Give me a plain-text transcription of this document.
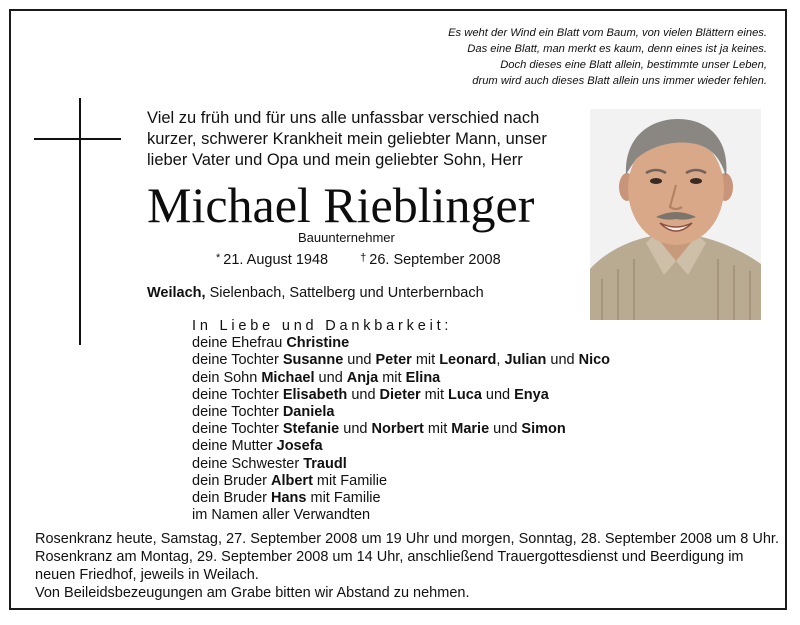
Es weht der Wind ein Blatt vom Baum, von vielen Blättern eines.
Das eine Blatt, man merkt es kaum, denn eines ist ja keines.
Doch dieses eine Blatt allein, bestimmte unser Leben,
drum wird auch dieses Blatt allein uns immer wieder fehlen.
Viel zu früh und für uns alle unfassbar verschied nach kurzer, schwerer Krankheit mein geliebter Mann, unser lieber Vater und Opa und mein geliebter Sohn, Herr
Michael Rieblinger
Bauunternehmer
* 21. August 1948	† 26. September 2008
Weilach, Sielenbach, Sattelberg und Unterbernbach
In Liebe und Dankbarkeit:
deine Ehefrau Christine
deine Tochter Susanne und Peter mit Leonard, Julian und Nico
dein Sohn Michael und Anja mit Elina
deine Tochter Elisabeth und Dieter mit Luca und Enya
deine Tochter Daniela
deine Tochter Stefanie und Norbert mit Marie und Simon
deine Mutter Josefa
deine Schwester Traudl
dein Bruder Albert mit Familie
dein Bruder Hans mit Familie
im Namen aller Verwandten
Rosenkranz heute, Samstag, 27. September 2008 um 19 Uhr und morgen, Sonntag, 28. September 2008 um 8 Uhr.
Rosenkranz am Montag, 29. September 2008 um 14 Uhr, anschließend Trauergottesdienst und Beerdigung im neuen Friedhof, jeweils in Weilach.
Von Beileidsbezeugungen am Grabe bitten wir Abstand zu nehmen.
